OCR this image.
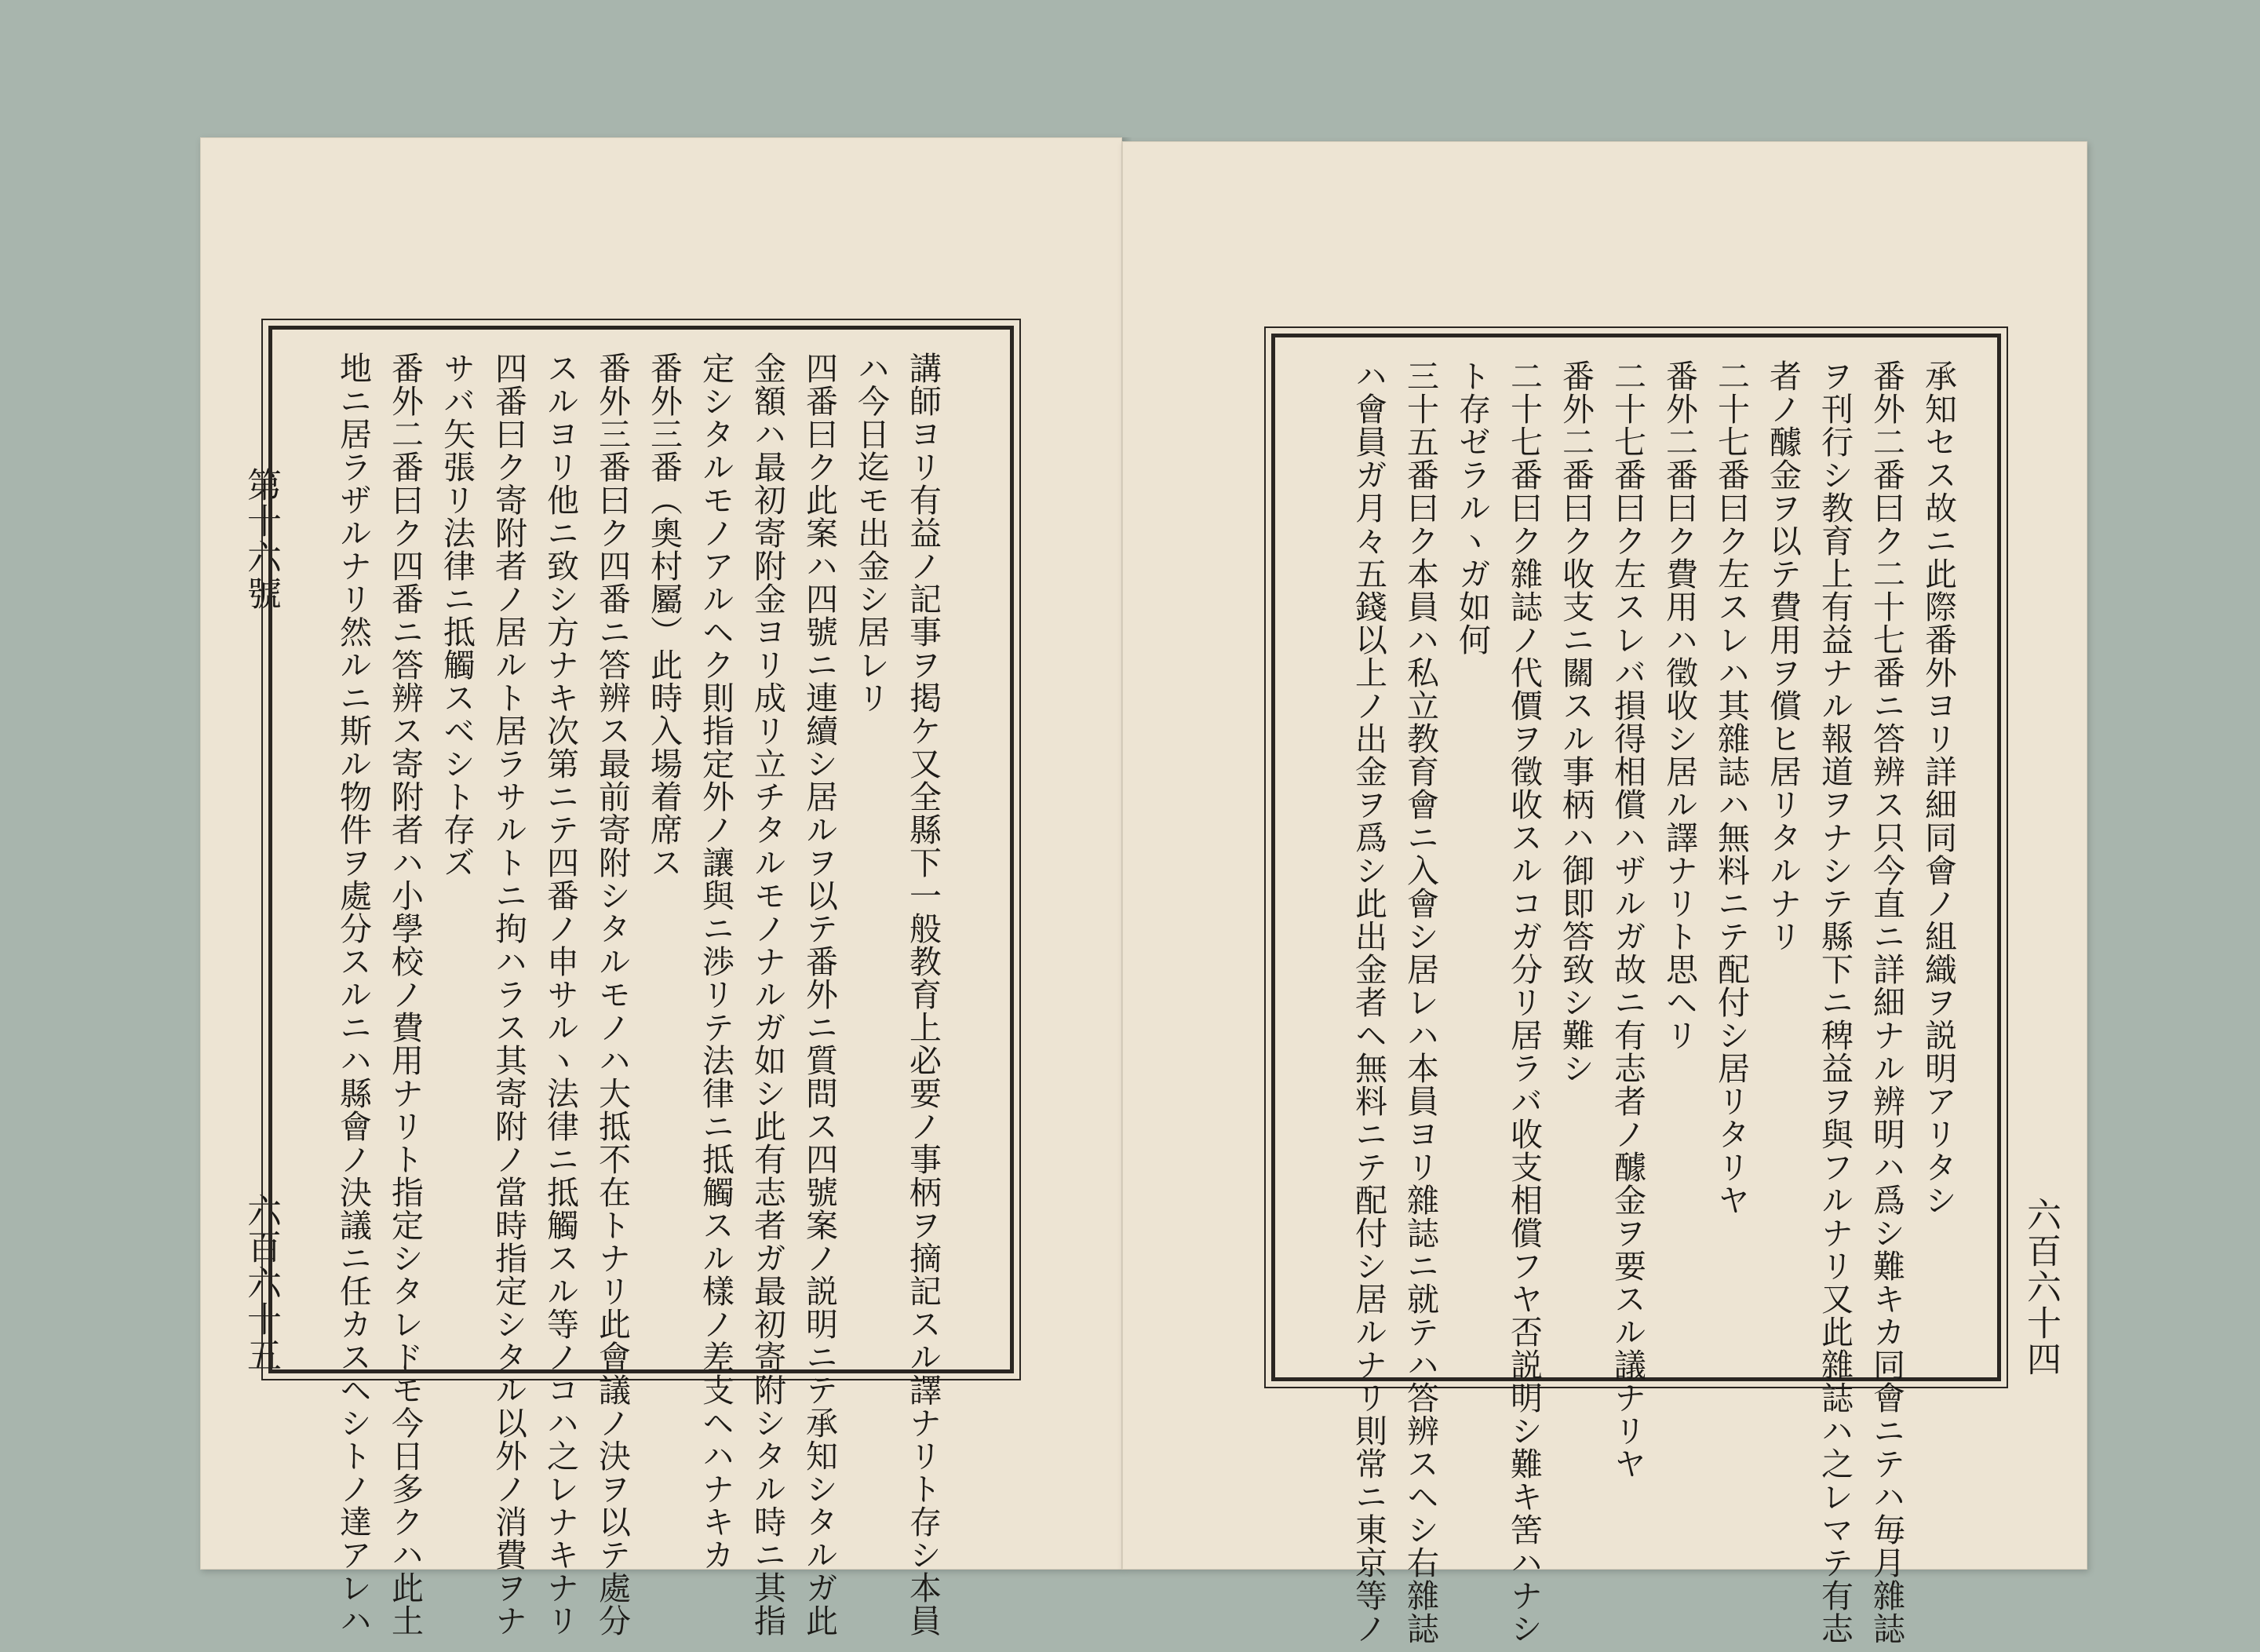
第十六號
六百六十五	講師ヨリ有益ノ記事ヲ掲ケ又全縣下一般教育上必要ノ事柄ヲ摘記スル譯ナリト存シ本員
ハ今日迄モ出金シ居レリ
四番曰ク此案ハ四號ニ連續シ居ルヲ以テ番外ニ質問ス四號案ノ説明ニテ承知シタルガ此
金額ハ最初寄附金ヨリ成リ立チタルモノナルガ如シ此有志者ガ最初寄附シタル時ニ其指
定シタルモノアルヘク則指定外ノ讓與ニ渉リテ法律ニ抵觸スル樣ノ差支ヘハナキカ
番外三番（奧村屬）此時入場着席ス
番外三番曰ク四番ニ答辨ス最前寄附シタルモノハ大抵不在トナリ此會議ノ決ヲ以テ處分
スルヨリ他ニ致シ方ナキ次第ニテ四番ノ申サルヽ法律ニ抵觸スル等ノコハ之レナキナリ
四番曰ク寄附者ノ居ルト居ラサルトニ拘ハラス其寄附ノ當時指定シタル以外ノ消費ヲナ
サバ矢張リ法律ニ抵觸スベシト存ズ
番外二番曰ク四番ニ答辨ス寄附者ハ小學校ノ費用ナリト指定シタレドモ今日多クハ此土
地ニ居ラザルナリ然ルニ斯ル物件ヲ處分スルニハ縣會ノ決議ニ任カスヘシトノ達アレハ	六百六十四
承知セス故ニ此際番外ヨリ詳細同會ノ組織ヲ説明アリタシ
番外二番曰ク二十七番ニ答辨ス只今直ニ詳細ナル辨明ハ爲シ難キカ同會ニテハ毎月雜誌
ヲ刊行シ教育上有益ナル報道ヲナシテ縣下ニ稗益ヲ與フルナリ又此雜誌ハ之レマテ有志
者ノ醵金ヲ以テ費用ヲ償ヒ居リタルナリ
二十七番曰ク左スレハ其雜誌ハ無料ニテ配付シ居リタリヤ
番外二番曰ク費用ハ徵收シ居ル譯ナリト思ヘリ
二十七番曰ク左スレバ損得相償ハザルガ故ニ有志者ノ醵金ヲ要スル議ナリヤ
番外二番曰ク收支ニ關スル事柄ハ御即答致シ難シ
二十七番曰ク雜誌ノ代價ヲ徵收スルコガ分リ居ラバ收支相償フヤ否説明シ難キ筈ハナシ
ト存ゼラルヽガ如何
三十五番曰ク本員ハ私立教育會ニ入會シ居レハ本員ヨリ雜誌ニ就テハ答辨スヘシ右雜誌
ハ會員ガ月々五錢以上ノ出金ヲ爲シ此出金者ヘ無料ニテ配付シ居ルナリ則常ニ東京等ノ
